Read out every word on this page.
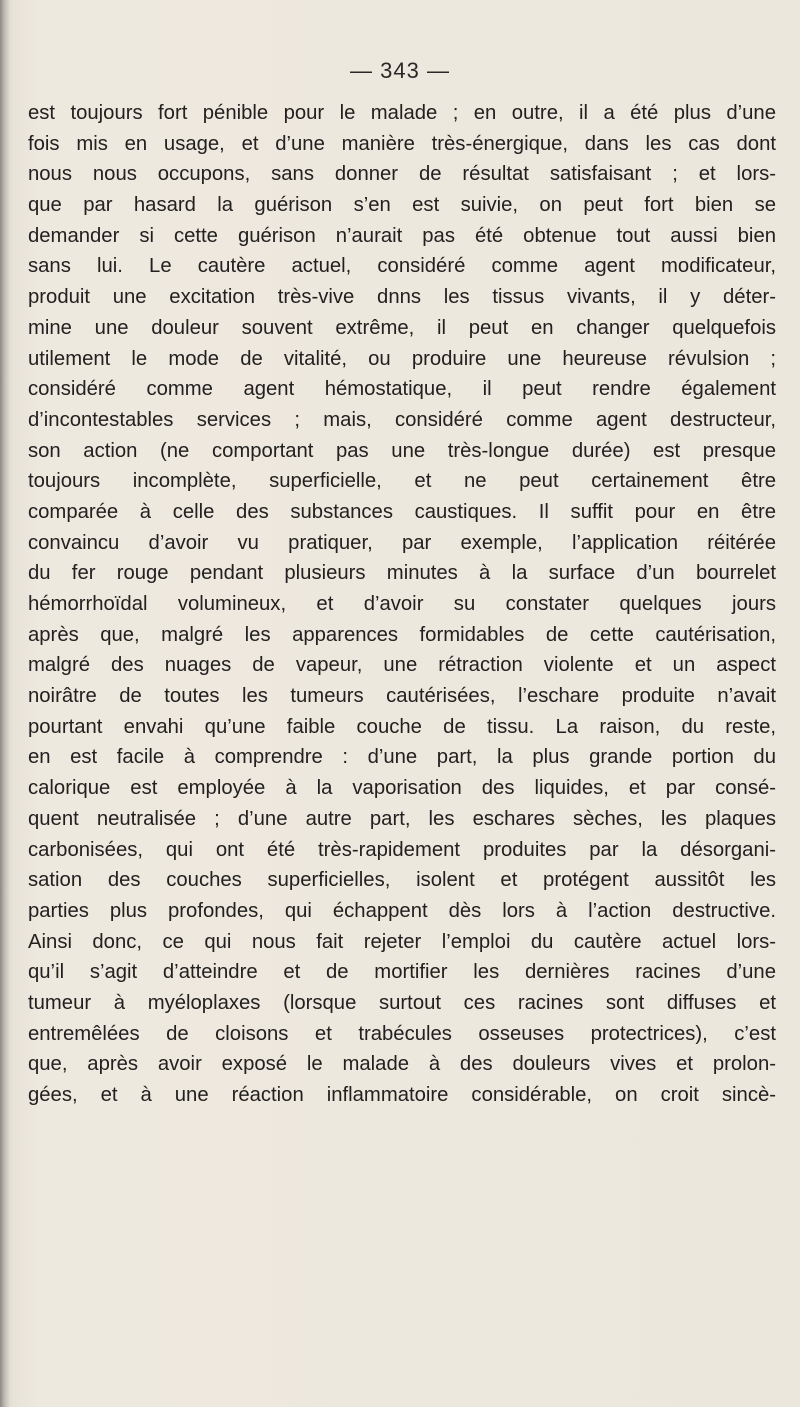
— 343 —
est toujours fort pénible pour le malade ; en outre, il a été plus d’une
fois mis en usage, et d’une manière très-énergique, dans les cas dont
nous nous occupons, sans donner de résultat satisfaisant ; et lors-
que par hasard la guérison s’en est suivie, on peut fort bien se
demander si cette guérison n’aurait pas été obtenue tout aussi bien
sans lui. Le cautère actuel, considéré comme agent modificateur,
produit une excitation très-vive dnns les tissus vivants, il y déter-
mine une douleur souvent extrême, il peut en changer quelquefois
utilement le mode de vitalité, ou produire une heureuse révulsion ;
considéré comme agent hémostatique, il peut rendre également
d’incontestables services ; mais, considéré comme agent destructeur,
son action (ne comportant pas une très-longue durée) est presque
toujours incomplète, superficielle, et ne peut certainement être
comparée à celle des substances caustiques. Il suffit pour en être
convaincu d’avoir vu pratiquer, par exemple, l’application réitérée
du fer rouge pendant plusieurs minutes à la surface d’un bourrelet
hémorrhoïdal volumineux, et d’avoir su constater quelques jours
après que, malgré les apparences formidables de cette cautérisation,
malgré des nuages de vapeur, une rétraction violente et un aspect
noirâtre de toutes les tumeurs cautérisées, l’eschare produite n’avait
pourtant envahi qu’une faible couche de tissu. La raison, du reste,
en est facile à comprendre : d’une part, la plus grande portion du
calorique est employée à la vaporisation des liquides, et par consé-
quent neutralisée ; d’une autre part, les eschares sèches, les plaques
carbonisées, qui ont été très-rapidement produites par la désorgani-
sation des couches superficielles, isolent et protégent aussitôt les
parties plus profondes, qui échappent dès lors à l’action destructive.
Ainsi donc, ce qui nous fait rejeter l’emploi du cautère actuel lors-
qu’il s’agit d’atteindre et de mortifier les dernières racines d’une
tumeur à myéloplaxes (lorsque surtout ces racines sont diffuses et
entremêlées de cloisons et trabécules osseuses protectrices), c’est
que, après avoir exposé le malade à des douleurs vives et prolon-
gées, et à une réaction inflammatoire considérable, on croit sincè-
